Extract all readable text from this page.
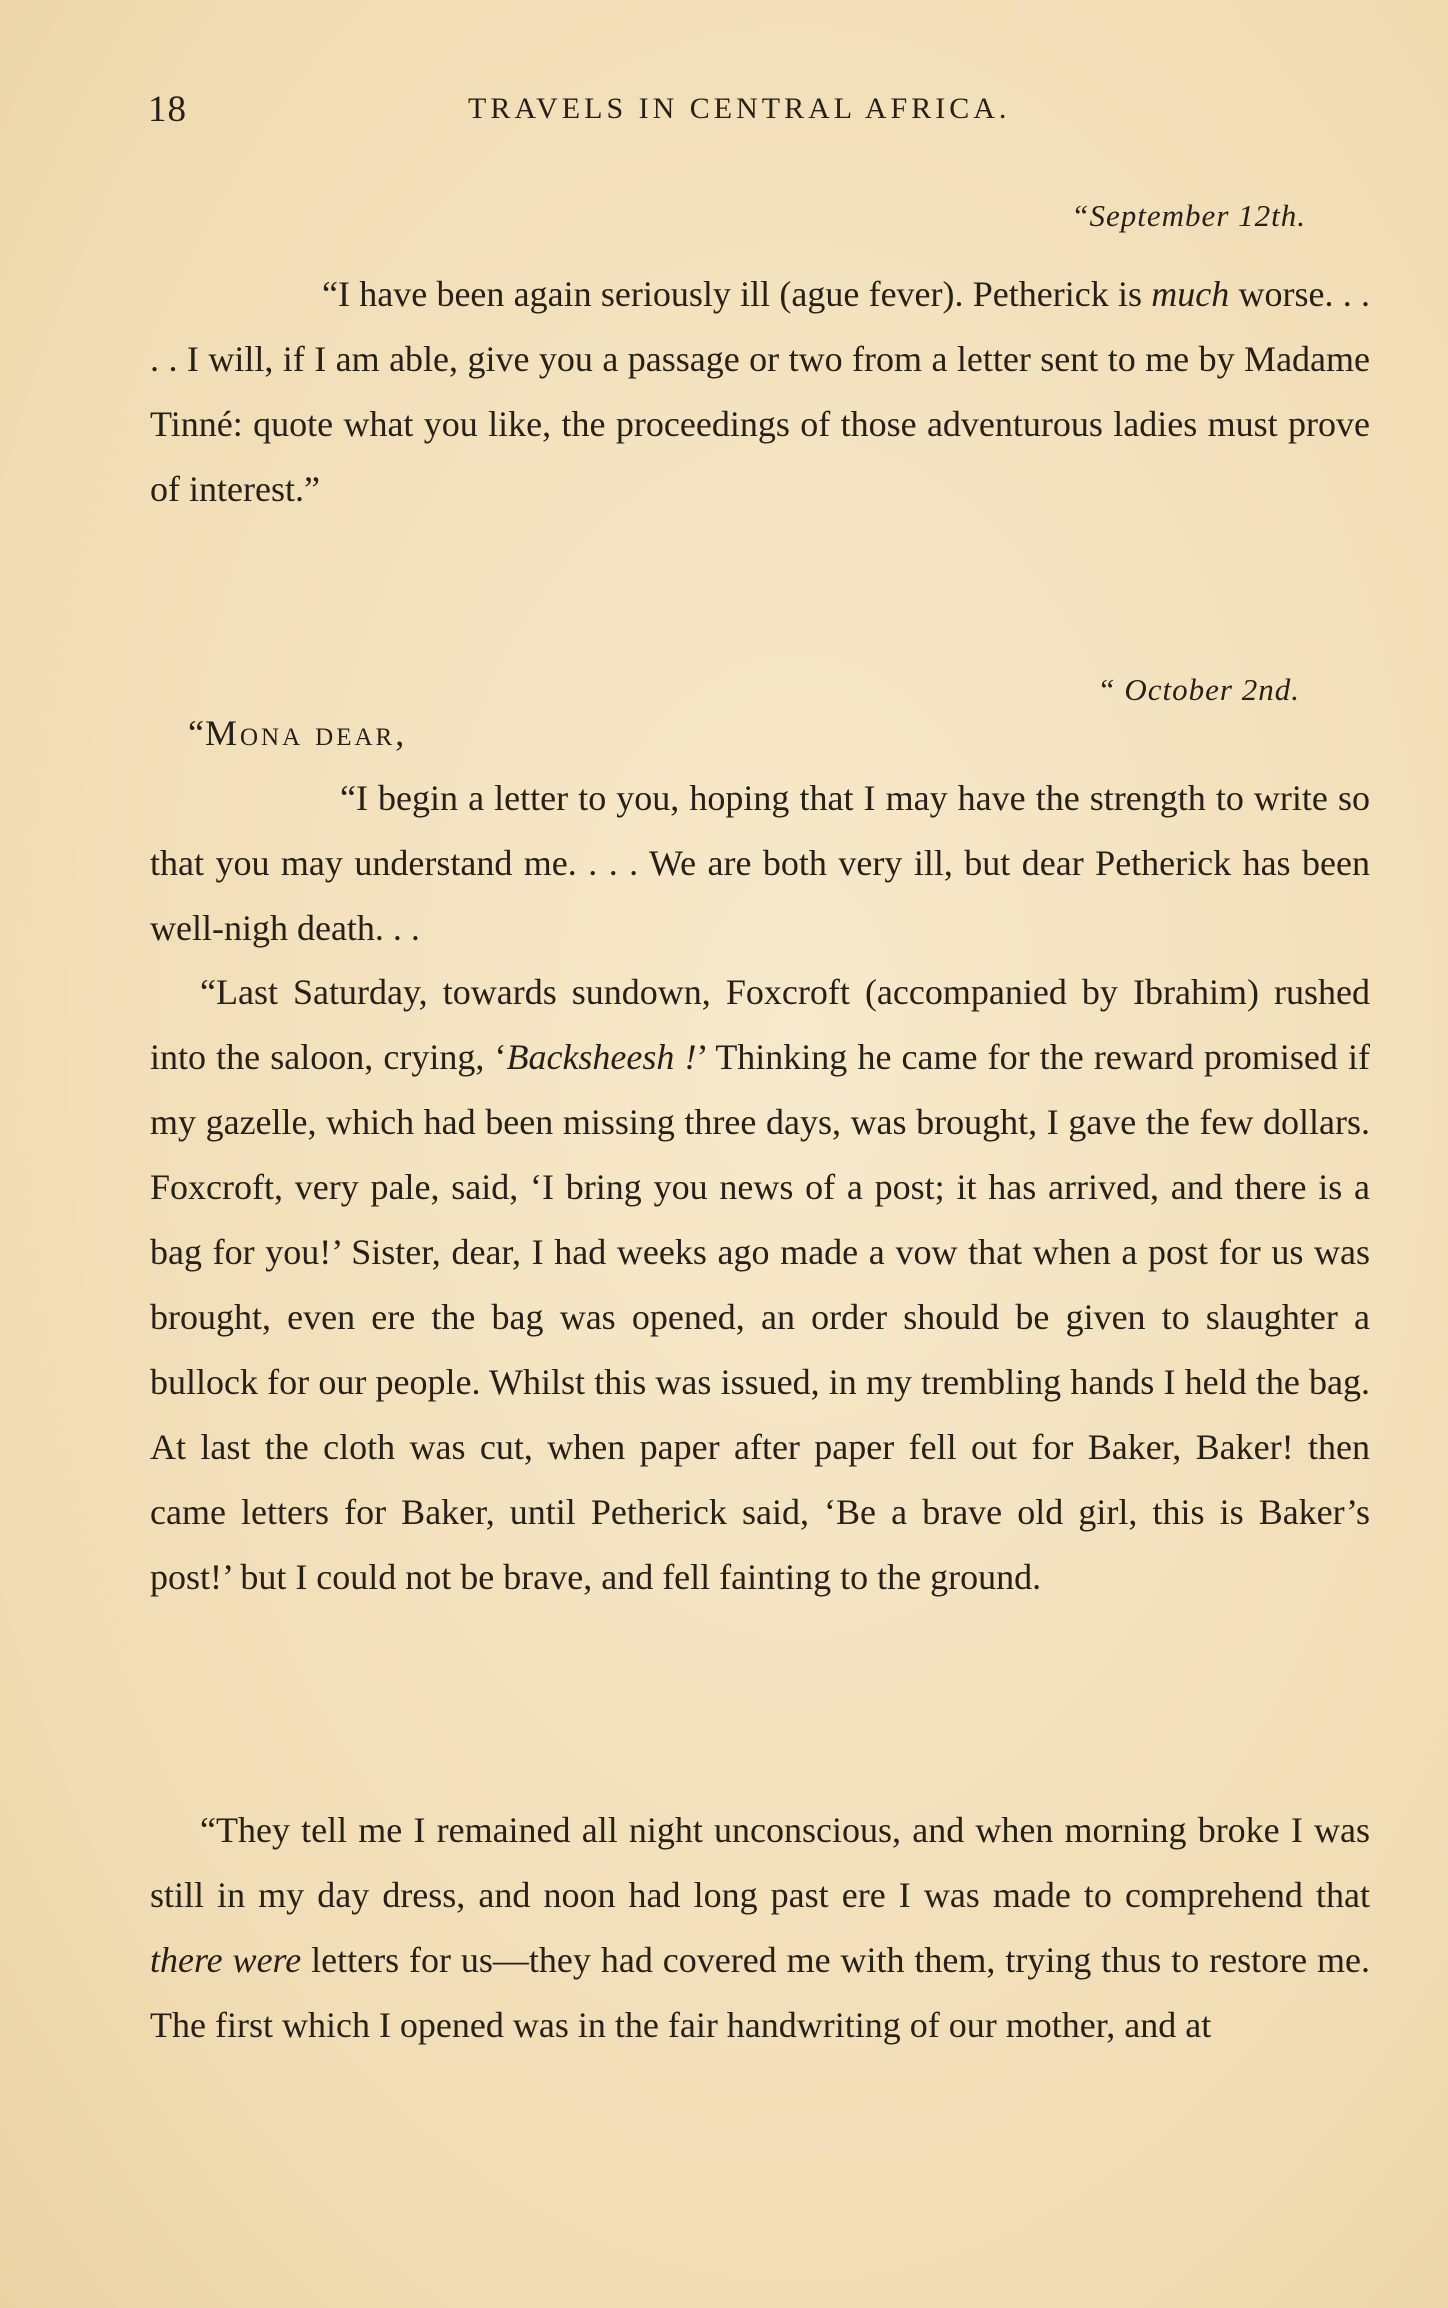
18	TRAVELS IN CENTRAL AFRICA.
“September 12th.

“I have been again seriously ill (ague fever). Petherick is much worse. . . . . I will, if I am able, give you a passage or two from a letter sent to me by Madame Tinné: quote what you like, the proceedings of those adventurous ladies must prove of interest.”

“ October 2nd.
“Mona dear,

“I begin a letter to you, hoping that I may have the strength to write so that you may understand me. . . . We are both very ill, but dear Petherick has been well-nigh death. . .

“Last Saturday, towards sundown, Foxcroft (accompanied by Ibrahim) rushed into the saloon, crying, ‘Backsheesh !’ Thinking he came for the reward promised if my gazelle, which had been missing three days, was brought, I gave the few dollars. Foxcroft, very pale, said, ‘I bring you news of a post; it has arrived, and there is a bag for you!’ Sister, dear, I had weeks ago made a vow that when a post for us was brought, even ere the bag was opened, an order should be given to slaughter a bullock for our people. Whilst this was issued, in my trembling hands I held the bag. At last the cloth was cut, when paper after paper fell out for Baker, Baker! then came letters for Baker, until Petherick said, ‘Be a brave old girl, this is Baker’s post!’ but I could not be brave, and fell fainting to the ground.

“They tell me I remained all night unconscious, and when morning broke I was still in my day dress, and noon had long past ere I was made to comprehend that there were letters for us—they had covered me with them, trying thus to restore me. The first which I opened was in the fair handwriting of our mother, and at
